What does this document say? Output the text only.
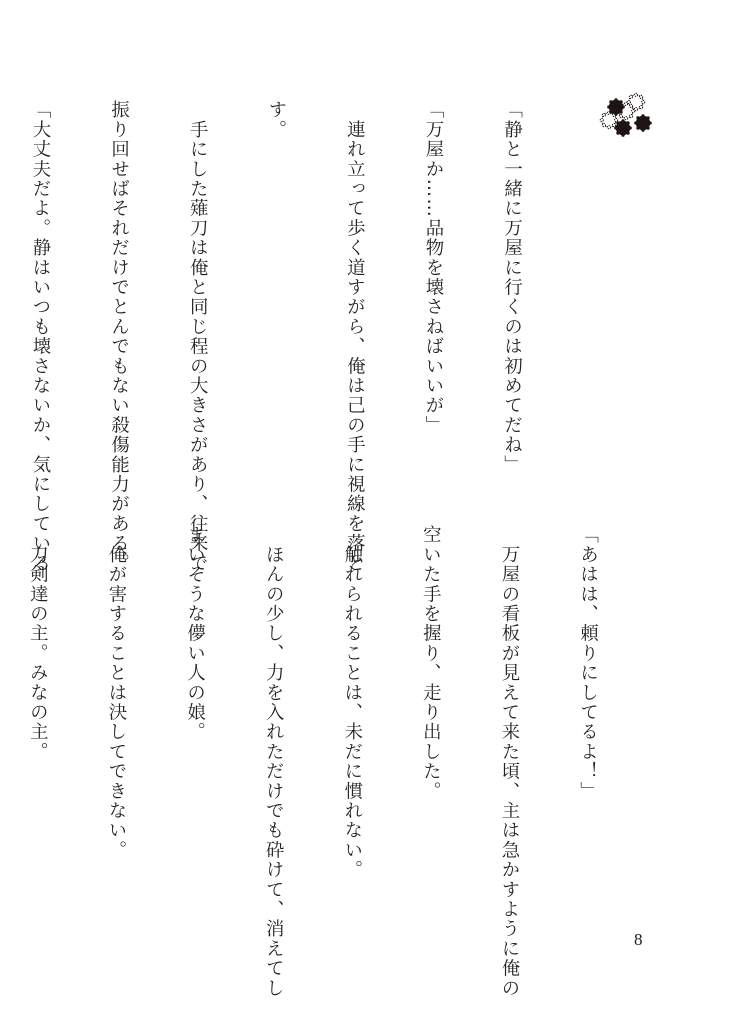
「静と一緒に万屋に行くのは初めてだね」

「万屋か……品物を壊さねばいいが」

　連れ立って歩く道すがら、俺は己の手に視線を落と

す。

　手にした薙刀は俺と同じ程の大きさがあり、往来で

振り回せばそれだけでとんでもない殺傷能力がある。

「大丈夫だよ。静はいつも壊さないか、気にしている

「あはは、頼りにしてるよ！」

　万屋の看板が見えて来た頃、主は急かすように俺の

空いた手を握り、走り出した。

　触れられることは、未だに慣れない。

　ほんの少し、力を入れただけでも砕けて、消えてし

まいそうな儚い人の娘。

　俺が害することは決してできない。

　刀剣達の主。みなの主。

8
